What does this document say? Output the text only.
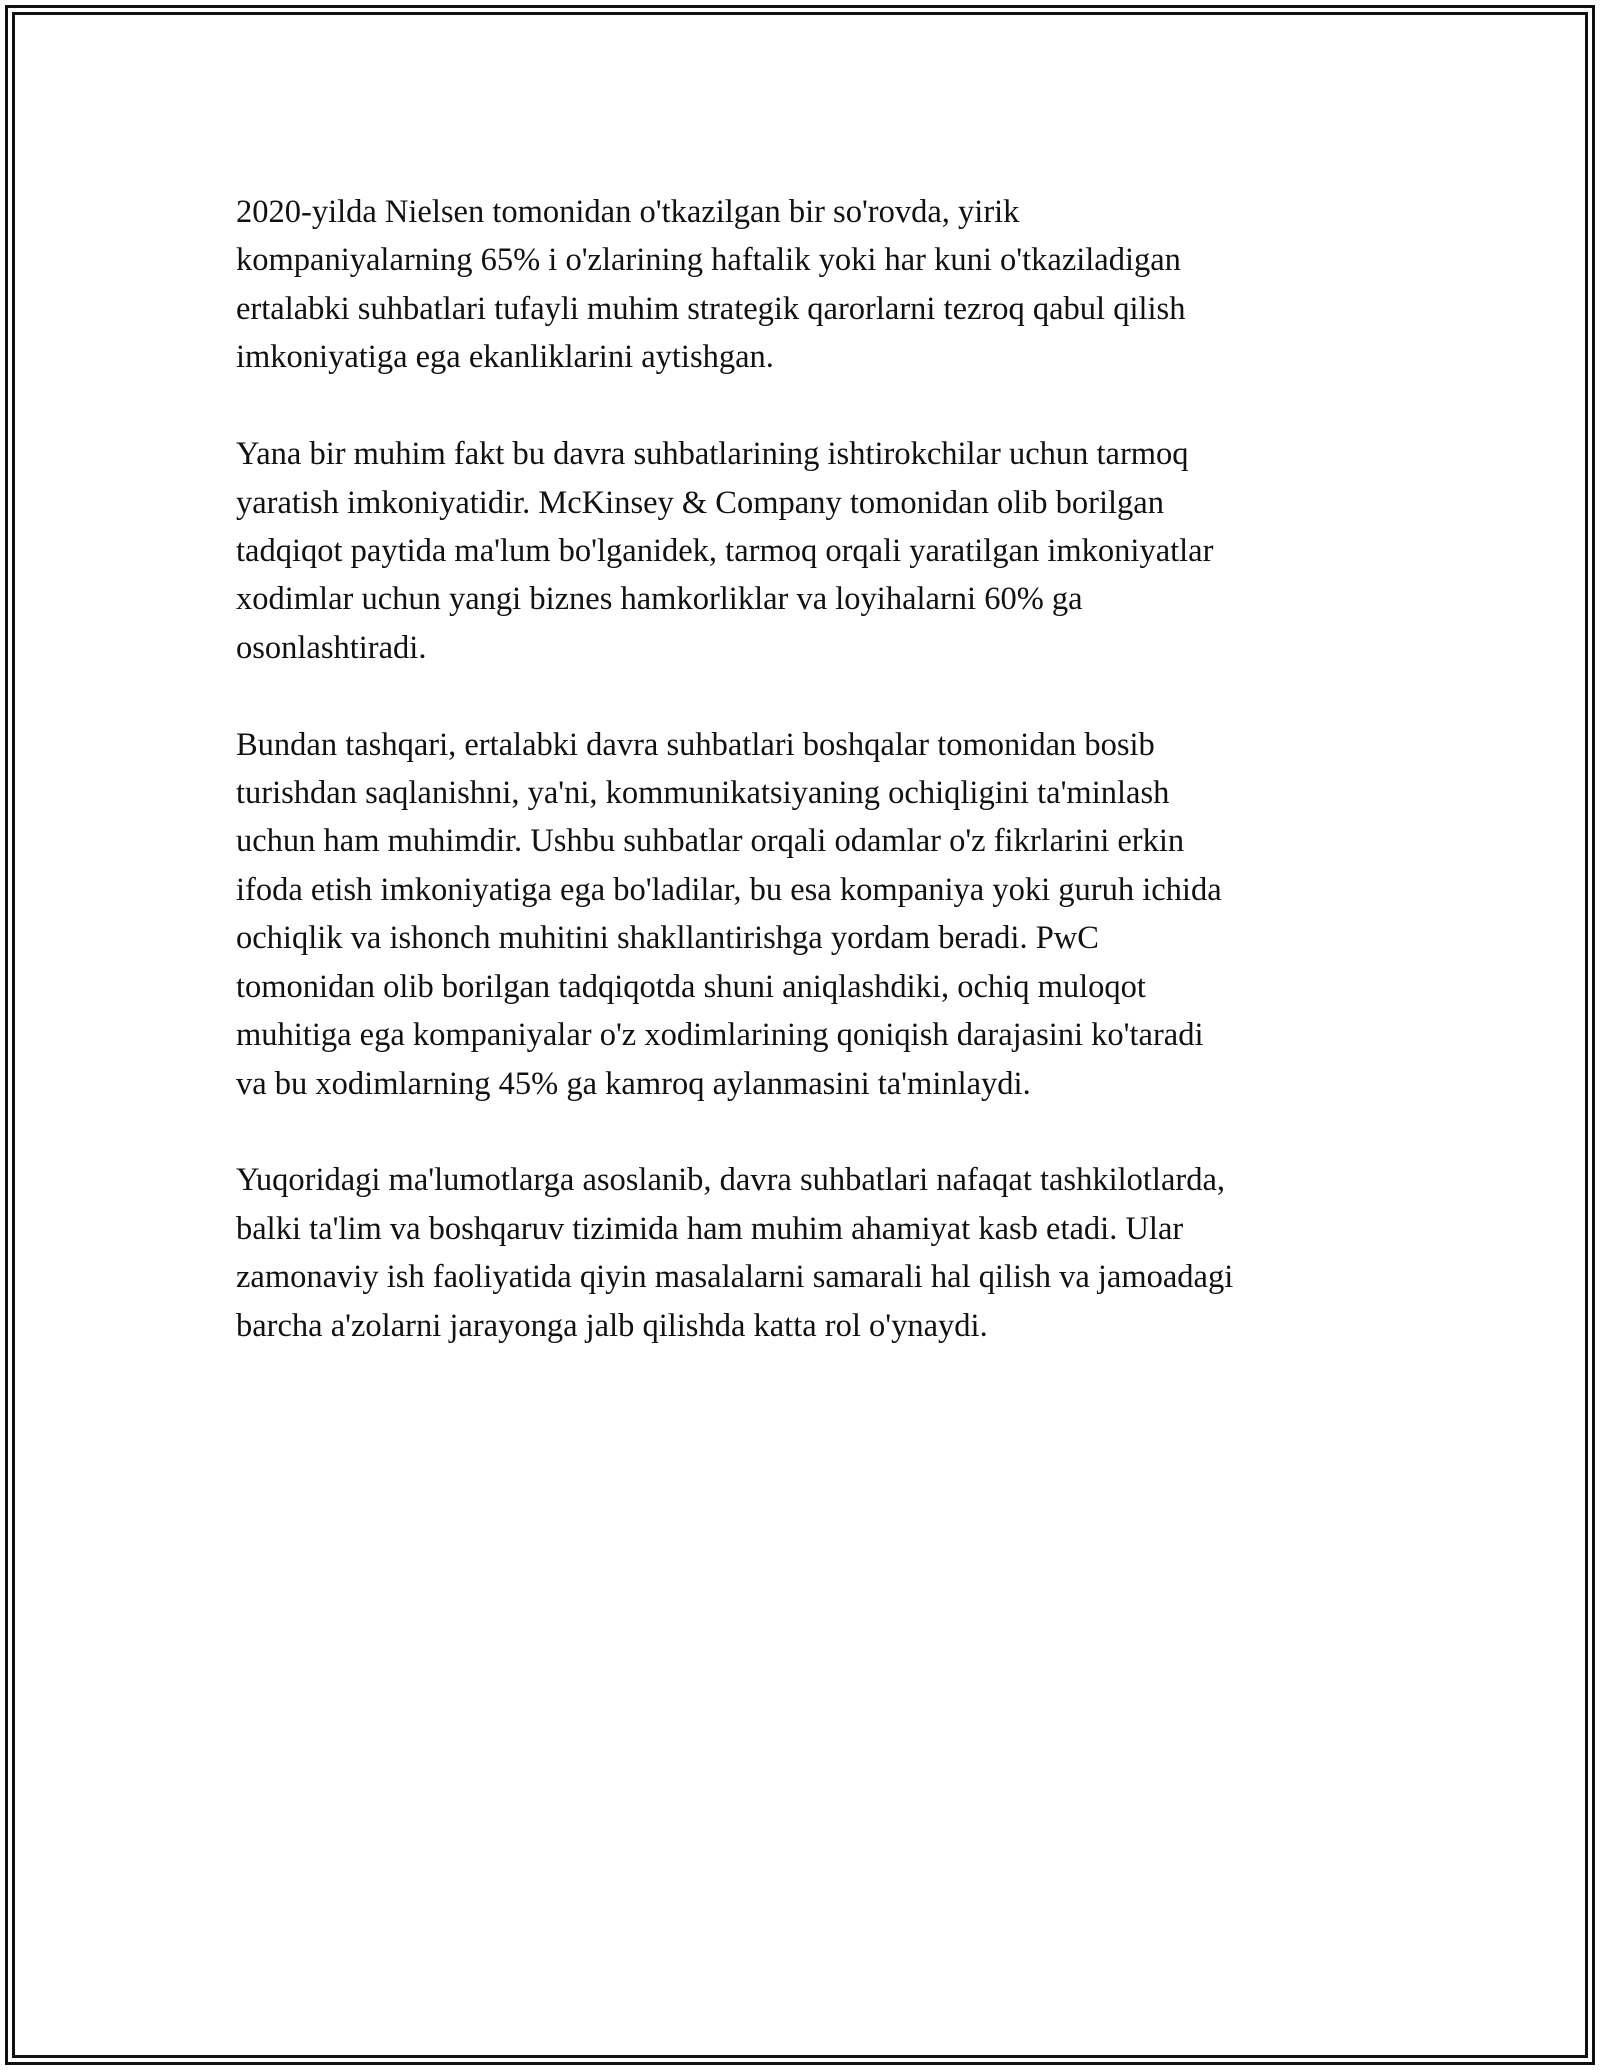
2020-yilda Nielsen tomonidan o'tkazilgan bir so'rovda, yirik
kompaniyalarning 65% i o'zlarining haftalik yoki har kuni o'tkaziladigan
ertalabki suhbatlari tufayli muhim strategik qarorlarni tezroq qabul qilish
imkoniyatiga ega ekanliklarini aytishgan.

Yana bir muhim fakt bu davra suhbatlarining ishtirokchilar uchun tarmoq
yaratish imkoniyatidir. McKinsey & Company tomonidan olib borilgan
tadqiqot paytida ma'lum bo'lganidek, tarmoq orqali yaratilgan imkoniyatlar
xodimlar uchun yangi biznes hamkorliklar va loyihalarni 60% ga
osonlashtiradi.

Bundan tashqari, ertalabki davra suhbatlari boshqalar tomonidan bosib
turishdan saqlanishni, ya'ni, kommunikatsiyaning ochiqligini ta'minlash
uchun ham muhimdir. Ushbu suhbatlar orqali odamlar o'z fikrlarini erkin
ifoda etish imkoniyatiga ega bo'ladilar, bu esa kompaniya yoki guruh ichida
ochiqlik va ishonch muhitini shakllantirishga yordam beradi. PwC
tomonidan olib borilgan tadqiqotda shuni aniqlashdiki, ochiq muloqot
muhitiga ega kompaniyalar o'z xodimlarining qoniqish darajasini ko'taradi
va bu xodimlarning 45% ga kamroq aylanmasini ta'minlaydi.

Yuqoridagi ma'lumotlarga asoslanib, davra suhbatlari nafaqat tashkilotlarda,
balki ta'lim va boshqaruv tizimida ham muhim ahamiyat kasb etadi. Ular
zamonaviy ish faoliyatida qiyin masalalarni samarali hal qilish va jamoadagi
barcha a'zolarni jarayonga jalb qilishda katta rol o'ynaydi.
